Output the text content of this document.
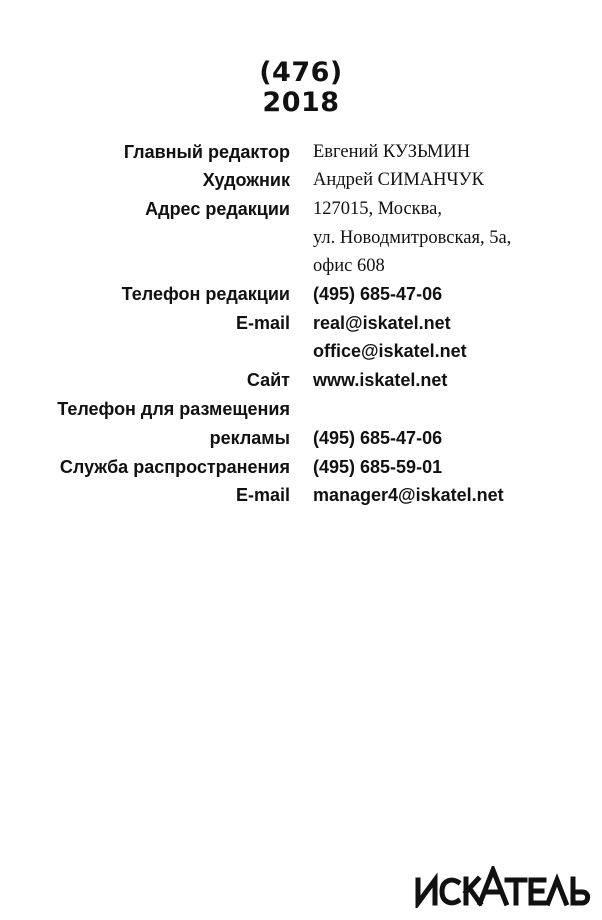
(476)
2018
Главный редактор Евгений КУЗЬМИН
Художник Андрей СИМАНЧУК
Адрес редакции 127015, Москва,
ул. Новодмитровская, 5а,
офис 608
Телефон редакции (495) 685-47-06
E-mail real@iskatel.net
office@iskatel.net
Сайт www.iskatel.net
Телефон для размещения
рекламы (495) 685-47-06
Служба распространения (495) 685-59-01
E-mail manager4@iskatel.net
